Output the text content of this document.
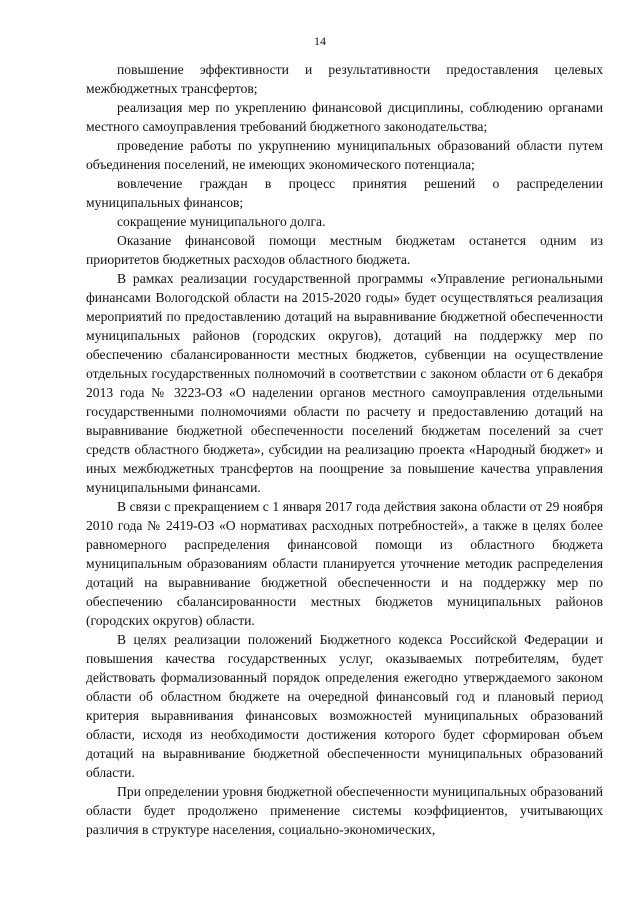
14

повышение эффективности и результативности предоставления целевых межбюджетных трансфертов;

реализация мер по укреплению финансовой дисциплины, соблюдению органами местного самоуправления требований бюджетного законодательства;

проведение работы по укрупнению муниципальных образований области путем объединения поселений, не имеющих экономического потенциала;

вовлечение граждан в процесс принятия решений о распределении муниципальных финансов;

сокращение муниципального долга.

Оказание финансовой помощи местным бюджетам останется одним из приоритетов бюджетных расходов областного бюджета.

В рамках реализации государственной программы «Управление региональными финансами Вологодской области на 2015-2020 годы» будет осуществляться реализация мероприятий по предоставлению дотаций на выравнивание бюджетной обеспеченности муниципальных районов (городских округов), дотаций на поддержку мер по обеспечению сбалансированности местных бюджетов, субвенции на осуществление отдельных государственных полномочий в соответствии с законом области от 6 декабря 2013 года № 3223-ОЗ «О наделении органов местного самоуправления отдельными государственными полномочиями области по расчету и предоставлению дотаций на выравнивание бюджетной обеспеченности поселений бюджетам поселений за счет средств областного бюджета», субсидии на реализацию проекта «Народный бюджет» и иных межбюджетных трансфертов на поощрение за повышение качества управления муниципальными финансами.

В связи с прекращением с 1 января 2017 года действия закона области от 29 ноября 2010 года № 2419-ОЗ «О нормативах расходных потребностей», а также в целях более равномерного распределения финансовой помощи из областного бюджета муниципальным образованиям области планируется уточнение методик распределения дотаций на выравнивание бюджетной обеспеченности и на поддержку мер по обеспечению сбалансированности местных бюджетов муниципальных районов (городских округов) области.

В целях реализации положений Бюджетного кодекса Российской Федерации и повышения качества государственных услуг, оказываемых потребителям, будет действовать формализованный порядок определения ежегодно утверждаемого законом области об областном бюджете на очередной финансовый год и плановый период критерия выравнивания финансовых возможностей муниципальных образований области, исходя из необходимости достижения которого будет сформирован объем дотаций на выравнивание бюджетной обеспеченности муниципальных образований области.

При определении уровня бюджетной обеспеченности муниципальных образований области будет продолжено применение системы коэффициентов, учитывающих различия в структуре населения, социально-экономических,
